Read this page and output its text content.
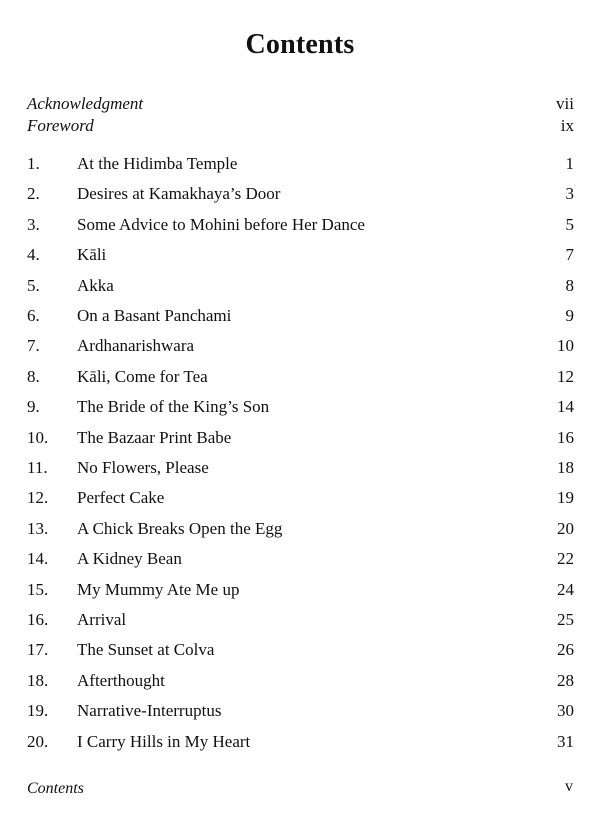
Contents
Acknowledgment	vii
Foreword	ix
1. At the Hidimba Temple	1
2. Desires at Kamakhaya’s Door	3
3. Some Advice to Mohini before Her Dance	5
4. Kāli	7
5. Akka	8
6. On a Basant Panchami	9
7. Ardhanarishwara	10
8. Kāli, Come for Tea	12
9. The Bride of the King’s Son	14
10. The Bazaar Print Babe	16
11. No Flowers, Please	18
12. Perfect Cake	19
13. A Chick Breaks Open the Egg	20
14. A Kidney Bean	22
15. My Mummy Ate Me up	24
16. Arrival	25
17. The Sunset at Colva	26
18. Afterthought	28
19. Narrative-Interruptus	30
20. I Carry Hills in My Heart	31
Contents	v
